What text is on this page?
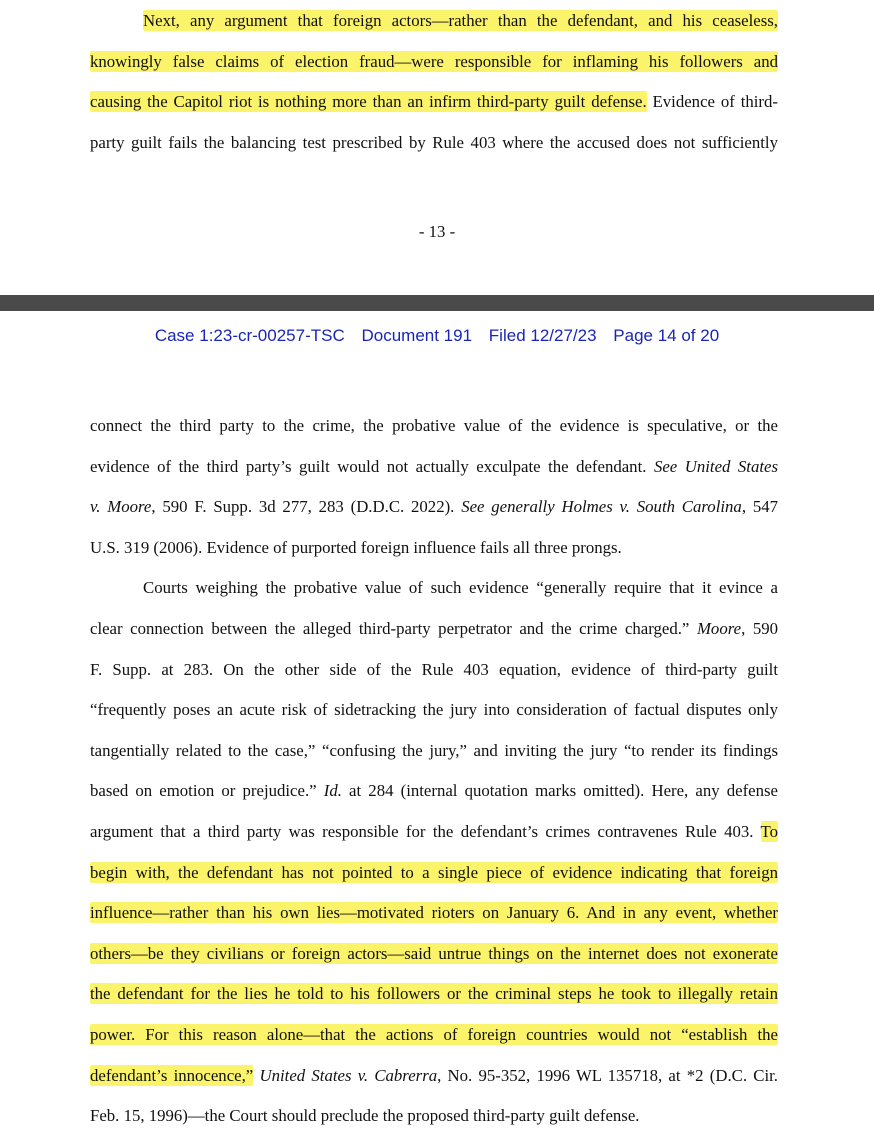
Next, any argument that foreign actors—rather than the defendant, and his ceaseless,
knowingly false claims of election fraud—were responsible for inflaming his followers and
causing the Capitol riot is nothing more than an infirm third-party guilt defense. Evidence of third-
party guilt fails the balancing test prescribed by Rule 403 where the accused does not sufficiently
- 13 -
Case 1:23-cr-00257-TSC Document 191 Filed 12/27/23 Page 14 of 20
connect the third party to the crime, the probative value of the evidence is speculative, or the
evidence of the third party’s guilt would not actually exculpate the defendant. See United States
v. Moore, 590 F. Supp. 3d 277, 283 (D.D.C. 2022). See generally Holmes v. South Carolina, 547
U.S. 319 (2006). Evidence of purported foreign influence fails all three prongs.
Courts weighing the probative value of such evidence “generally require that it evince a
clear connection between the alleged third-party perpetrator and the crime charged.” Moore, 590
F. Supp. at 283. On the other side of the Rule 403 equation, evidence of third-party guilt
“frequently poses an acute risk of sidetracking the jury into consideration of factual disputes only
tangentially related to the case,” “confusing the jury,” and inviting the jury “to render its findings
based on emotion or prejudice.” Id. at 284 (internal quotation marks omitted). Here, any defense
argument that a third party was responsible for the defendant’s crimes contravenes Rule 403. To
begin with, the defendant has not pointed to a single piece of evidence indicating that foreign
influence—rather than his own lies—motivated rioters on January 6. And in any event, whether
others—be they civilians or foreign actors—said untrue things on the internet does not exonerate
the defendant for the lies he told to his followers or the criminal steps he took to illegally retain
power. For this reason alone—that the actions of foreign countries would not “establish the
defendant’s innocence,” United States v. Cabrerra, No. 95-352, 1996 WL 135718, at *2 (D.C. Cir.
Feb. 15, 1996)—the Court should preclude the proposed third-party guilt defense.
